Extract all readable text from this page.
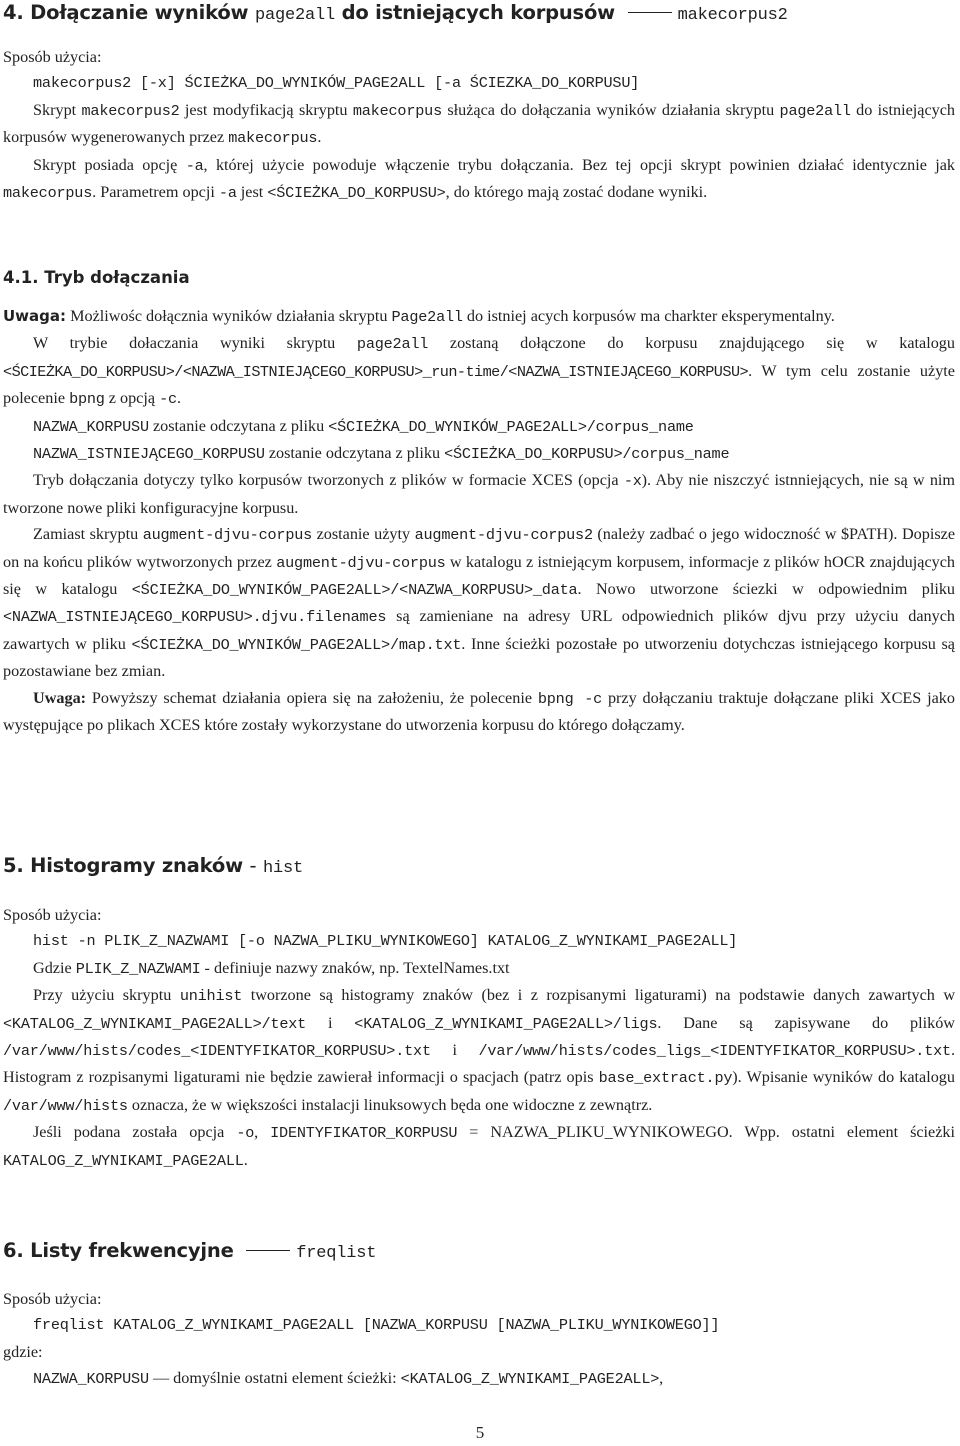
4. Dołączanie wyników page2all do istniejących korpusów	makecorpus2

Sposób użycia:

makecorpus2 [-x] ŚCIEŻKA_DO_WYNIKÓW_PAGE2ALL [-a ŚCIEZKA_DO_KORPUSU]

Skrypt makecorpus2 jest modyfikacją skryptu makecorpus służąca do dołączania wyników działania skryptu page2all do istniejących korpusów wygenerowanych przez makecorpus.

Skrypt posiada opcję -a, której użycie powoduje włączenie trybu dołączania. Bez tej opcji skrypt powinien działać identycznie jak makecorpus. Parametrem opcji -a jest <ŚCIEŻKA_DO_KORPUSU>, do którego mają zostać dodane wyniki.

4.1. Tryb dołączania

Uwaga: Możliwośc dołącznia wyników działania skryptu Page2all do istniej acych korpusów ma charkter eksperymentalny.

W trybie dołaczania wyniki skryptu page2all zostaną dołączone do korpusu znajdującego się w katalogu <ŚCIEŻKA_DO_KORPUSU>/<NAZWA_ISTNIEJĄCEGO_KORPUSU>_run-time/<NAZWA_ISTNIEJĄCEGO_KORPUSU>. W tym celu zostanie użyte polecenie bpng z opcją -c.

NAZWA_KORPUSU zostanie odczytana z pliku <ŚCIEŻKA_DO_WYNIKÓW_PAGE2ALL>/corpus_name

NAZWA_ISTNIEJĄCEGO_KORPUSU zostanie odczytana z pliku <ŚCIEŻKA_DO_KORPUSU>/corpus_name

Tryb dołączania dotyczy tylko korpusów tworzonych z plików w formacie XCES (opcja -x). Aby nie niszczyć istnniejących, nie są w nim tworzone nowe pliki konfiguracyjne korpusu.

Zamiast skryptu augment-djvu-corpus zostanie użyty augment-djvu-corpus2 (należy zadbać o jego widoczność w $PATH). Dopisze on na końcu plików wytworzonych przez augment-djvu-corpus w katalogu z istniejącym korpusem, informacje z plików hOCR znajdujących się w katalogu <ŚCIEŻKA_DO_WYNIKÓW_PAGE2ALL>/<NAZWA_KORPUSU>_data. Nowo utworzone ściezki w odpowiednim pliku <NAZWA_ISTNIEJĄCEGO_KORPUSU>.djvu.filenames są zamieniane na adresy URL odpowiednich plików djvu przy użyciu danych zawartych w pliku <ŚCIEŻKA_DO_WYNIKÓW_PAGE2ALL>/map.txt. Inne ścieżki pozostałe po utworzeniu dotychczas istniejącego korpusu są pozostawiane bez zmian.

Uwaga: Powyższy schemat działania opiera się na założeniu, że polecenie bpng -c przy dołączaniu traktuje dołączane pliki XCES jako występujące po plikach XCES które zostały wykorzystane do utworzenia korpusu do którego dołączamy.

5. Histogramy znaków - hist

Sposób użycia:

hist -n PLIK_Z_NAZWAMI [-o NAZWA_PLIKU_WYNIKOWEGO] KATALOG_Z_WYNIKAMI_PAGE2ALL]

Gdzie PLIK_Z_NAZWAMI - definiuje nazwy znaków, np. TextelNames.txt

Przy użyciu skryptu unihist tworzone są histogramy znaków (bez i z rozpisanymi ligaturami) na podstawie danych zawartych w <KATALOG_Z_WYNIKAMI_PAGE2ALL>/text i <KATALOG_Z_WYNIKAMI_PAGE2ALL>/ligs. Dane są zapisywane do plików /var/www/hists/codes_<IDENTYFIKATOR_KORPUSU>.txt i /var/www/hists/codes_ligs_<IDENTYFIKATOR_KORPUSU>.txt. Histogram z rozpisanymi ligaturami nie będzie zawierał informacji o spacjach (patrz opis base_extract.py). Wpisanie wyników do katalogu /var/www/hists oznacza, że w większości instalacji linuksowych będa one widoczne z zewnątrz.

Jeśli podana została opcja -o, IDENTYFIKATOR_KORPUSU = NAZWA_PLIKU_WYNIKOWEGO. Wpp. ostatni element ścieżki KATALOG_Z_WYNIKAMI_PAGE2ALL.

6. Listy frekwencyjne	freqlist

Sposób użycia:

freqlist KATALOG_Z_WYNIKAMI_PAGE2ALL [NAZWA_KORPUSU [NAZWA_PLIKU_WYNIKOWEGO]]

gdzie:

NAZWA_KORPUSU — domyślnie ostatni element ścieżki: <KATALOG_Z_WYNIKAMI_PAGE2ALL>,

5
